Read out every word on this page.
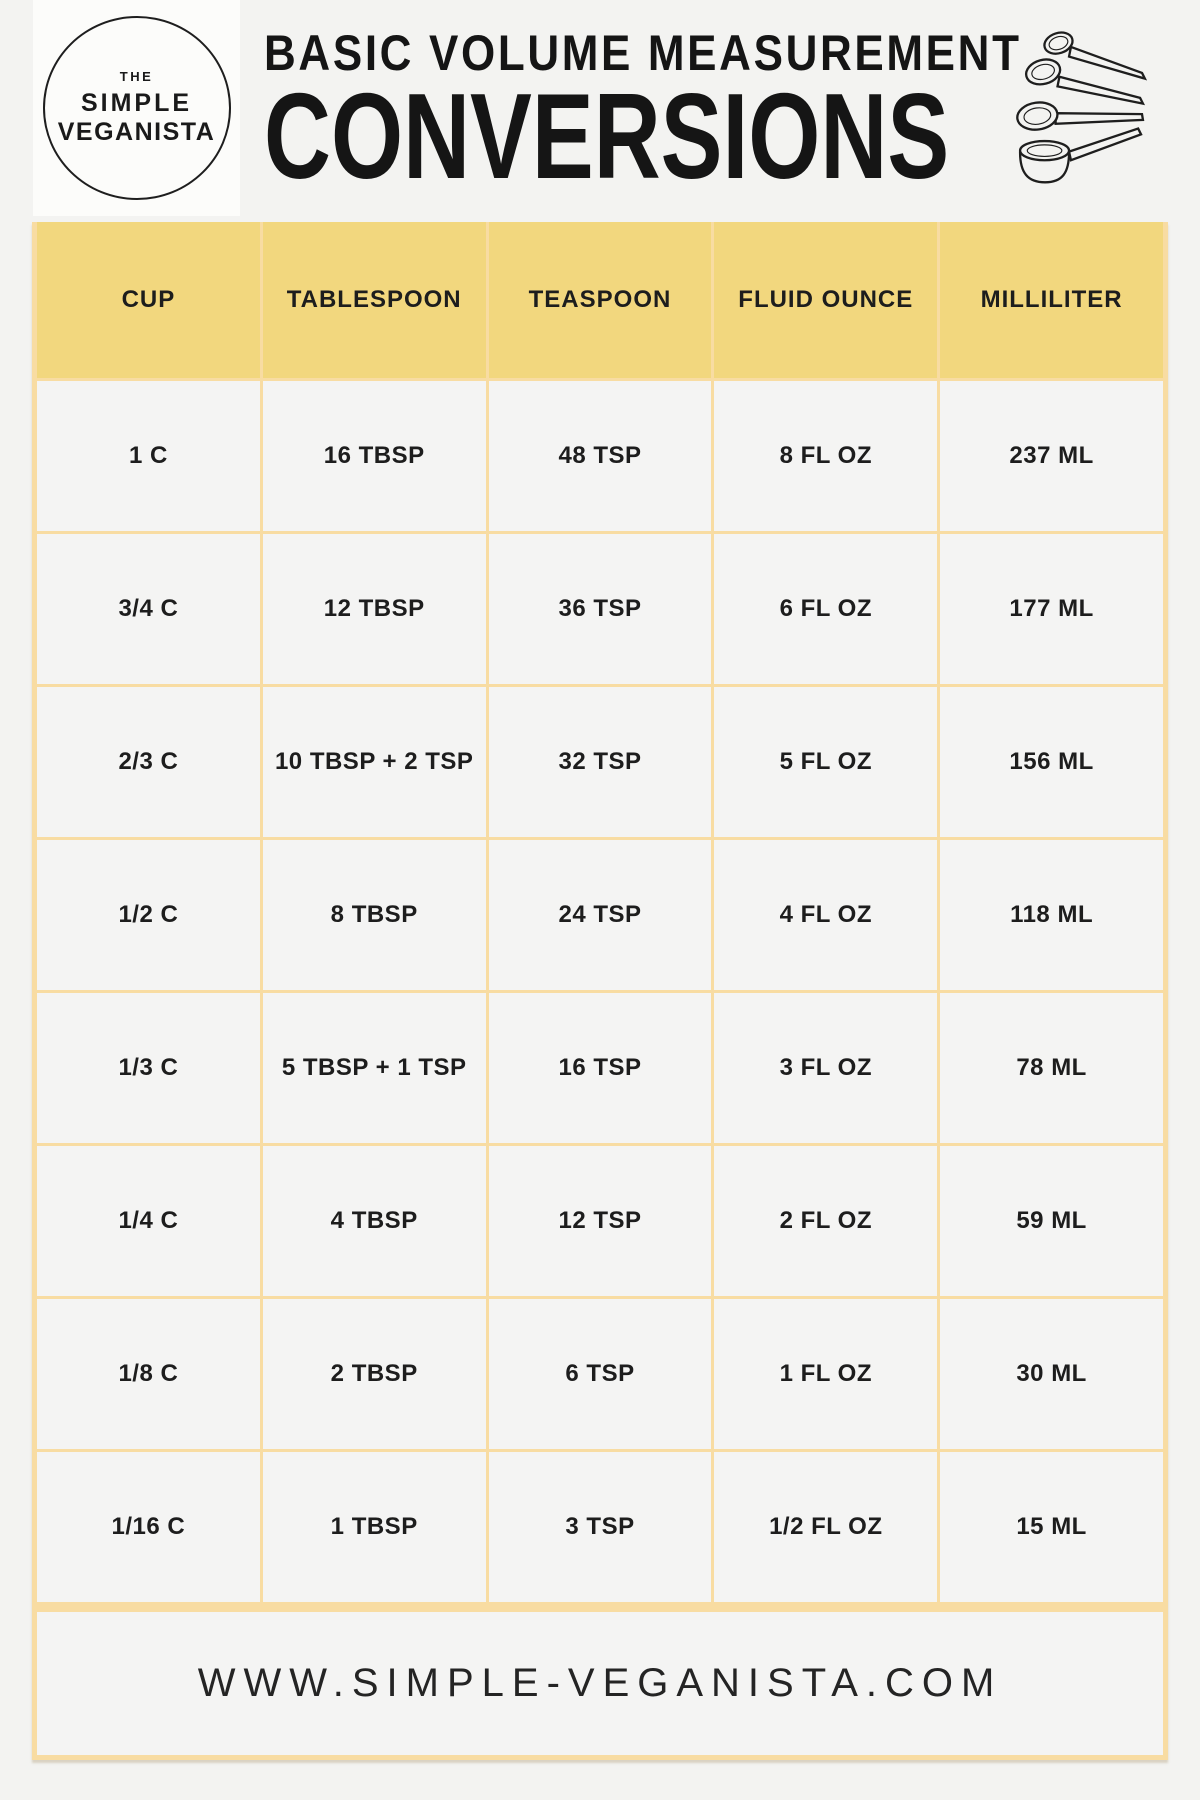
THE
SIMPLE
VEGANISTA
BASIC VOLUME MEASUREMENT
CONVERSIONS
CUP	TABLESPOON	TEASPOON	FLUID OUNCE	MILLILITER
1 C	16 TBSP	48 TSP	8 FL OZ	237 ML
3/4 C	12 TBSP	36 TSP	6 FL OZ	177 ML
2/3 C	10 TBSP + 2 TSP	32 TSP	5 FL OZ	156 ML
1/2 C	8 TBSP	24 TSP	4 FL OZ	118 ML
1/3 C	5 TBSP + 1 TSP	16 TSP	3 FL OZ	78 ML
1/4 C	4 TBSP	12 TSP	2 FL OZ	59 ML
1/8 C	2 TBSP	6 TSP	1 FL OZ	30 ML
1/16 C	1 TBSP	3 TSP	1/2 FL OZ	15 ML
WWW.SIMPLE-VEGANISTA.COM
